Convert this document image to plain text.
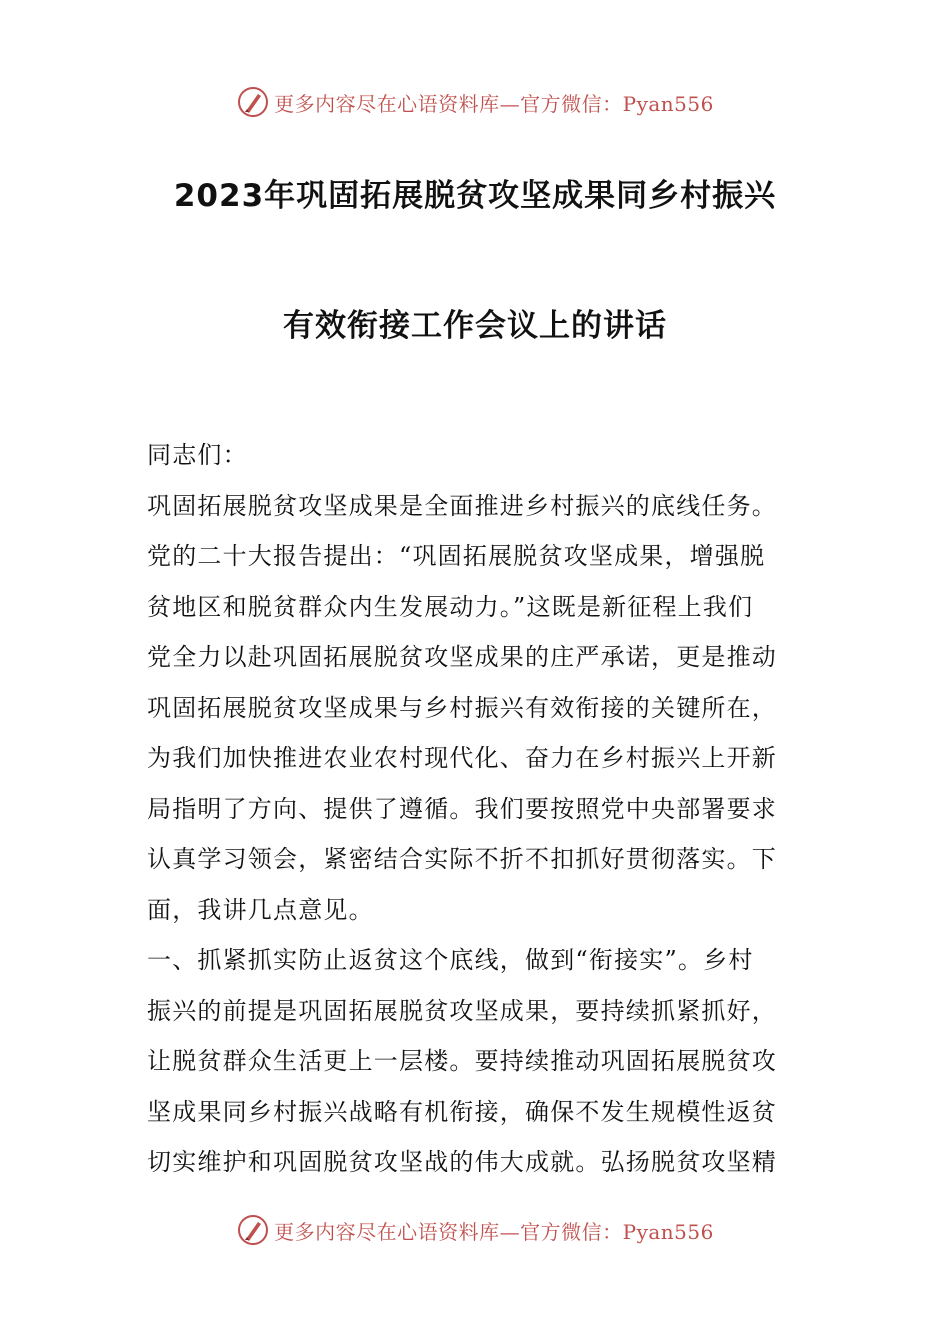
更多内容尽在心语资料库—官方微信：Pyan556
2023年巩固拓展脱贫攻坚成果同乡村振兴
有效衔接工作会议上的讲话

同志们：

巩固拓展脱贫攻坚成果是全面推进乡村振兴的底线任务。

党的二十大报告提出：“巩固拓展脱贫攻坚成果，增强脱

贫地区和脱贫群众内生发展动力。”这既是新征程上我们

党全力以赴巩固拓展脱贫攻坚成果的庄严承诺，更是推动

巩固拓展脱贫攻坚成果与乡村振兴有效衔接的关键所在，

为我们加快推进农业农村现代化、奋力在乡村振兴上开新

局指明了方向、提供了遵循。我们要按照党中央部署要求

认真学习领会，紧密结合实际不折不扣抓好贯彻落实。下

面，我讲几点意见。

一、抓紧抓实防止返贫这个底线，做到“衔接实”。乡村

振兴的前提是巩固拓展脱贫攻坚成果，要持续抓紧抓好，

让脱贫群众生活更上一层楼。要持续推动巩固拓展脱贫攻

坚成果同乡村振兴战略有机衔接，确保不发生规模性返贫

切实维护和巩固脱贫攻坚战的伟大成就。弘扬脱贫攻坚精

更多内容尽在心语资料库—官方微信：Pyan556
